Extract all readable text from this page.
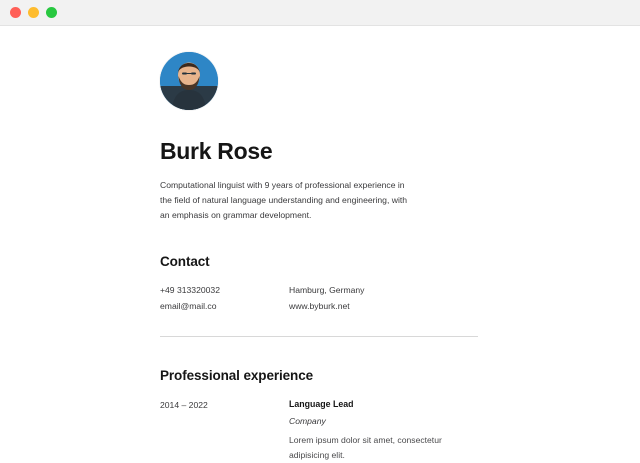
Burk Rose
Computational linguist with 9 years of professional experience in the field of natural language understanding and engineering, with an emphasis on grammar development.
Contact
+49 313320032
email@mail.co
Hamburg, Germany
www.byburk.net
Professional experience
2014 – 2022	Language Lead
Company
Lorem ipsum dolor sit amet, consectetur adipisicing elit.
